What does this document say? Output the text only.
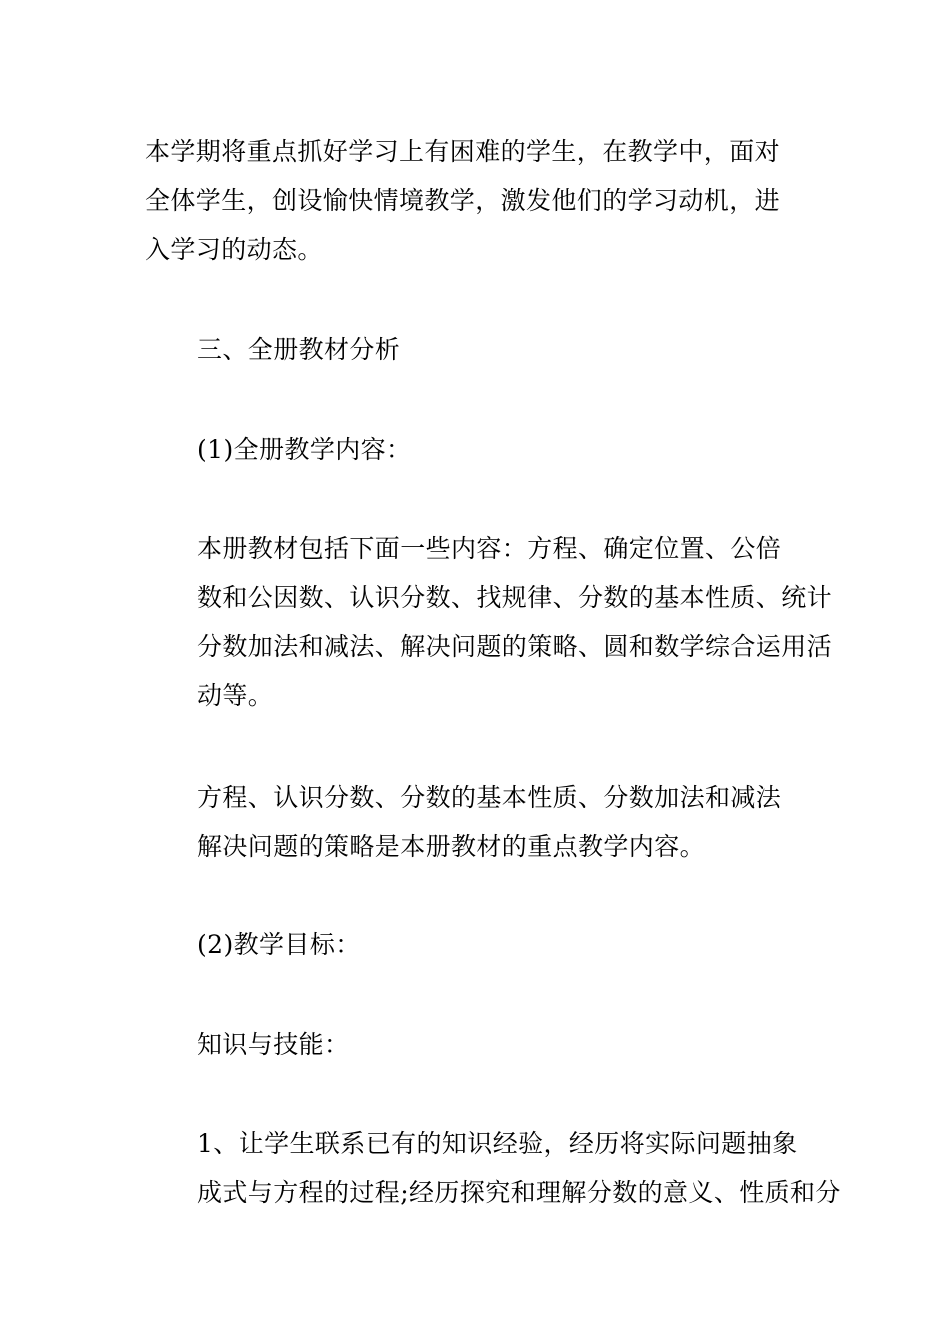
本学期将重点抓好学习上有困难的学生，在教学中，面对
全体学生，创设愉快情境教学，激发他们的学习动机，进
入学习的动态。

三、全册教材分析

(1)全册教学内容：

本册教材包括下面一些内容：方程、确定位置、公倍
数和公因数、认识分数、找规律、分数的基本性质、统计
分数加法和减法、解决问题的策略、圆和数学综合运用活
动等。

方程、认识分数、分数的基本性质、分数加法和减法
解决问题的策略是本册教材的重点教学内容。

(2)教学目标：

知识与技能：

1、让学生联系已有的知识经验，经历将实际问题抽象
成式与方程的过程;经历探究和理解分数的意义、性质和分
